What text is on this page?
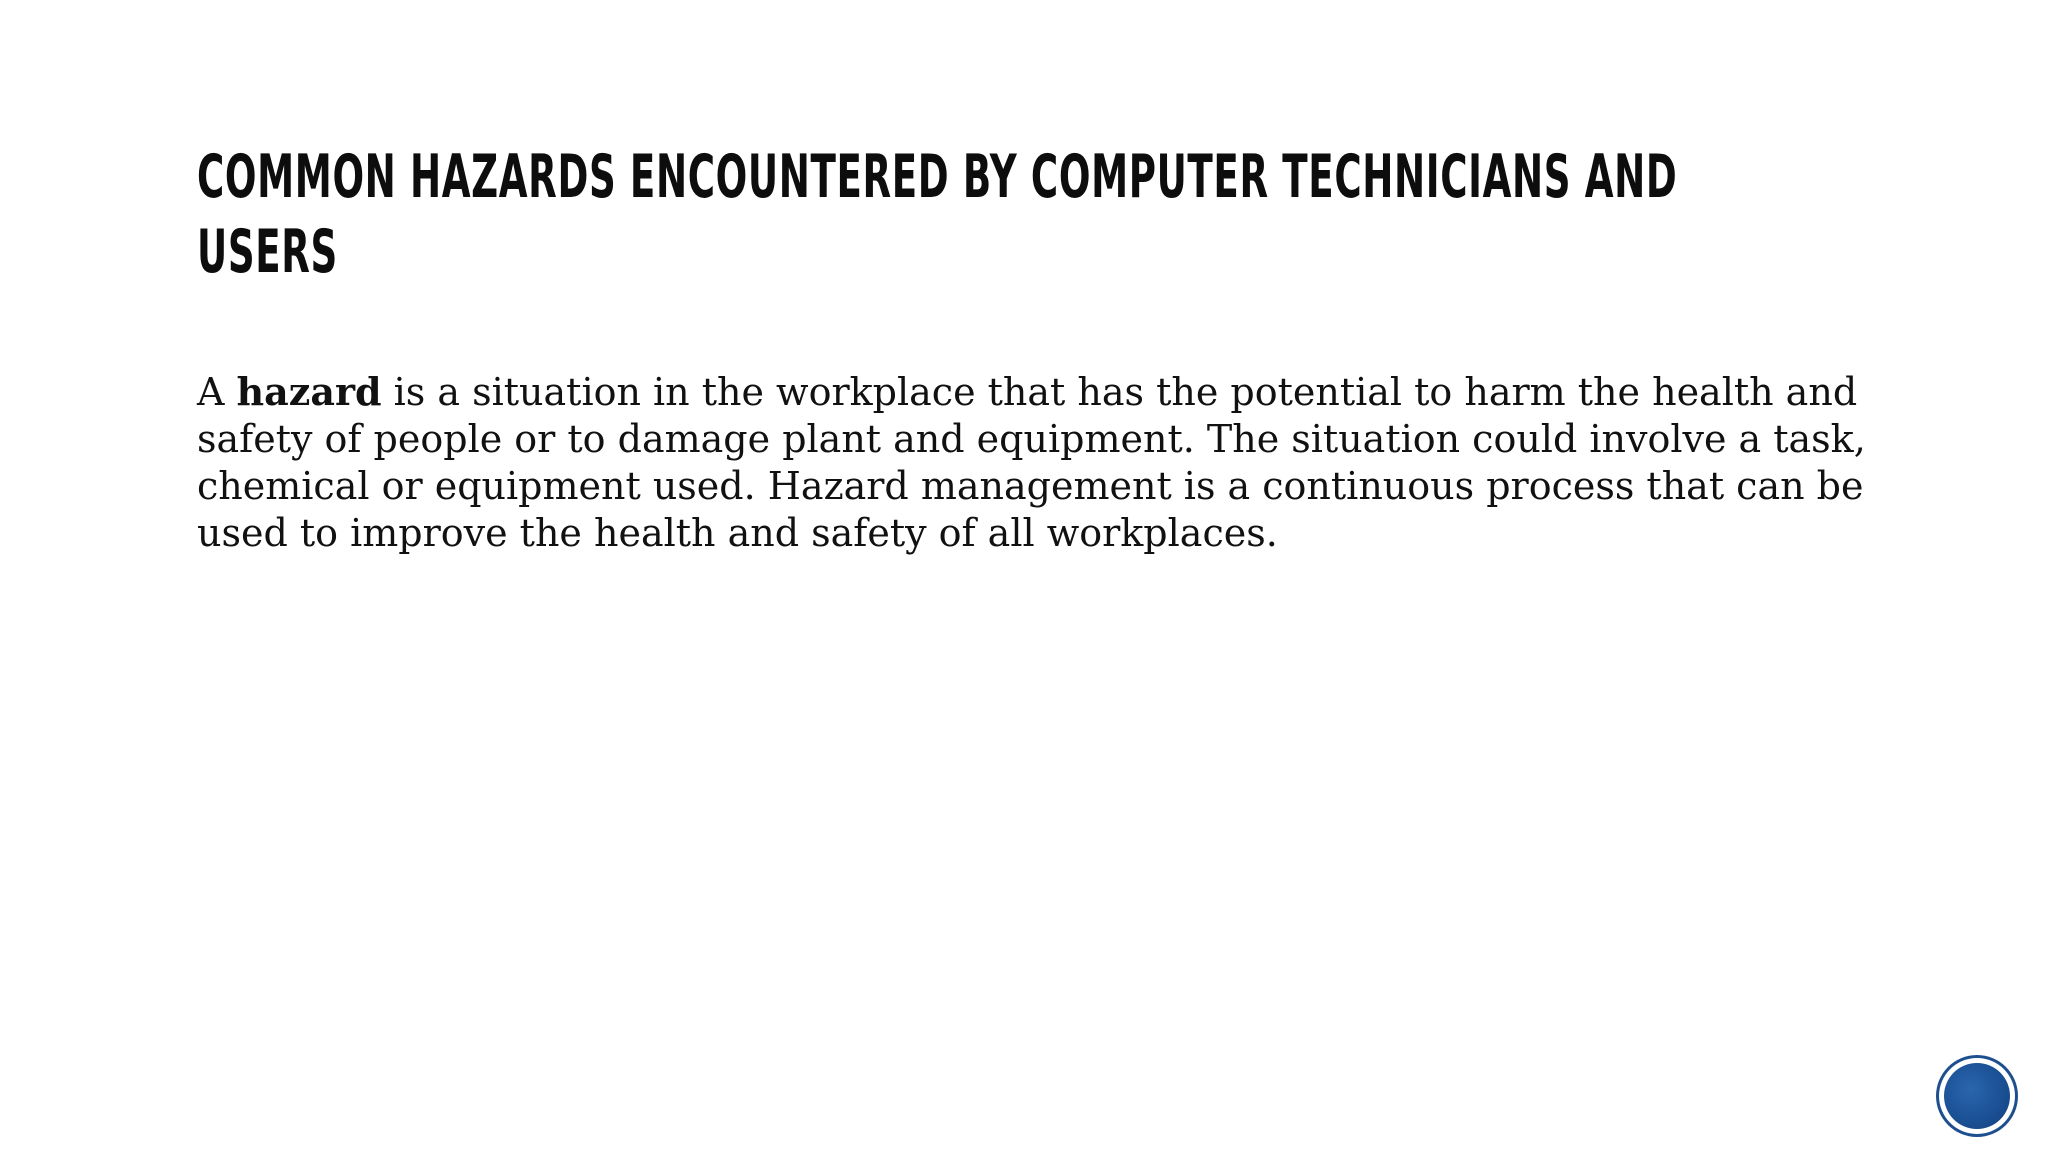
COMMON HAZARDS ENCOUNTERED BY COMPUTER TECHNICIANS AND USERS

A hazard is a situation in the workplace that has the potential to harm the health and safety of people or to damage plant and equipment. The situation could involve a task, chemical or equipment used. Hazard management is a continuous process that can be used to improve the health and safety of all workplaces.
